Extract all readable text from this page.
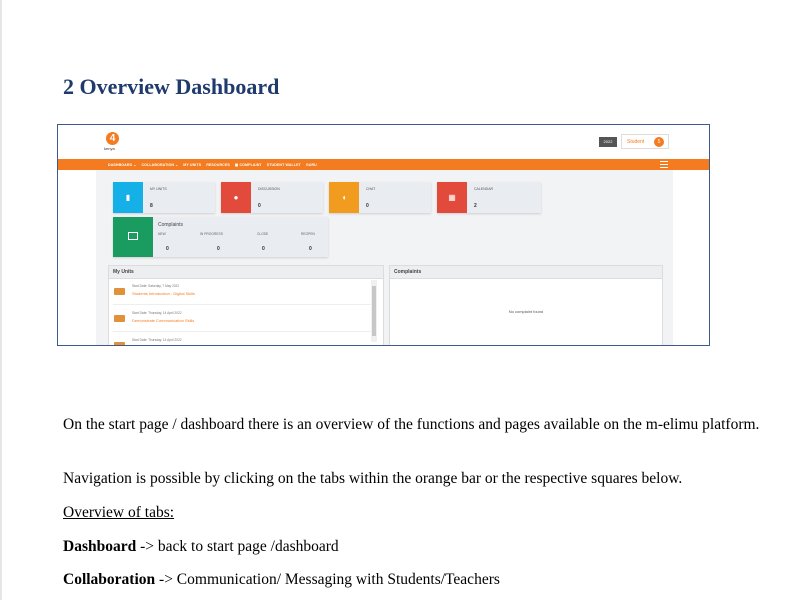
2 Overview Dashboard
4
kenya
2022	Student	5
DASHBOARD ⌄ COLLABORATION ⌄ MY UNITS RESOURCES ▦ COMPLAINT STUDENT WALLET GURU
▮
MY UNITS
8
●
DISCUSSION
0
◖
CHAT
0
▦
CALENDAR
2
Complaints
NEW
0
IN PROGRESS
0
CLOSE
0
REOPEN
0
My Units
Start Date: Saturday, 7 May 2022
Students Introduction - Digital Skills
Start Date: Thursday, 14 April 2022
Demonstrate Communication Skills
Start Date: Thursday, 14 April 2022
Complaints
No complaint found

On the start page / dashboard there is an overview of the functions and pages available on the m-elimu platform.

Navigation is possible by clicking on the tabs within the orange bar or the respective squares below.

Overview of tabs:

Dashboard -> back to start page /dashboard

Collaboration -> Communication/ Messaging with Students/Teachers
